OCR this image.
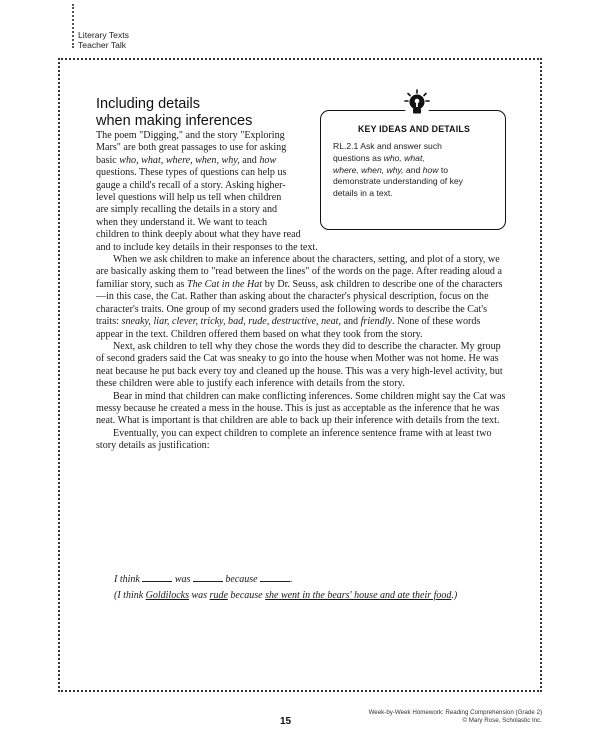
Literary Texts
Teacher Talk
Including details
when making inferences	KEY IDEAS AND DETAILS
RL.2.1 Ask and answer such
questions as who, what,
where, when, why, and how to
demonstrate understanding of key
details in a text.

The poem "Digging," and the story "Exploring
Mars" are both great passages to use for asking
basic who, what, where, when, why, and how
questions. These types of questions can help us
gauge a child's recall of a story. Asking higher-
level questions will help us tell when children
are simply recalling the details in a story and
when they understand it. We want to teach
children to think deeply about what they have read
and to include key details in their responses to the text.

When we ask children to make an inference about the characters, setting, and plot of a story, we are basically asking them to "read between the lines" of the words on the page. After reading aloud a familiar story, such as The Cat in the Hat by Dr. Seuss, ask children to describe one of the characters—in this case, the Cat. Rather than asking about the character's physical description, focus on the character's traits. One group of my second graders used the following words to describe the Cat's traits: sneaky, liar, clever, tricky, bad, rude, destructive, neat, and friendly. None of these words appear in the text. Children offered them based on what they took from the story.

Next, ask children to tell why they chose the words they did to describe the character. My group of second graders said the Cat was sneaky to go into the house when Mother was not home. He was neat because he put back every toy and cleaned up the house. This was a very high-level activity, but these children were able to justify each inference with details from the story.

Bear in mind that children can make conflicting inferences. Some children might say the Cat was messy because he created a mess in the house. This is just as acceptable as the inference that he was neat. What is important is that children are able to back up their inference with details from the text.

Eventually, you can expect children to complete an inference sentence frame with at least two story details as justification:

I think	was	because	.
(I think Goldilocks was rude because she went in the bears' house and ate their food.)
15
Week-by-Week Homework: Reading Comprehension (Grade 2)
© Mary Rose, Scholastic Inc.
